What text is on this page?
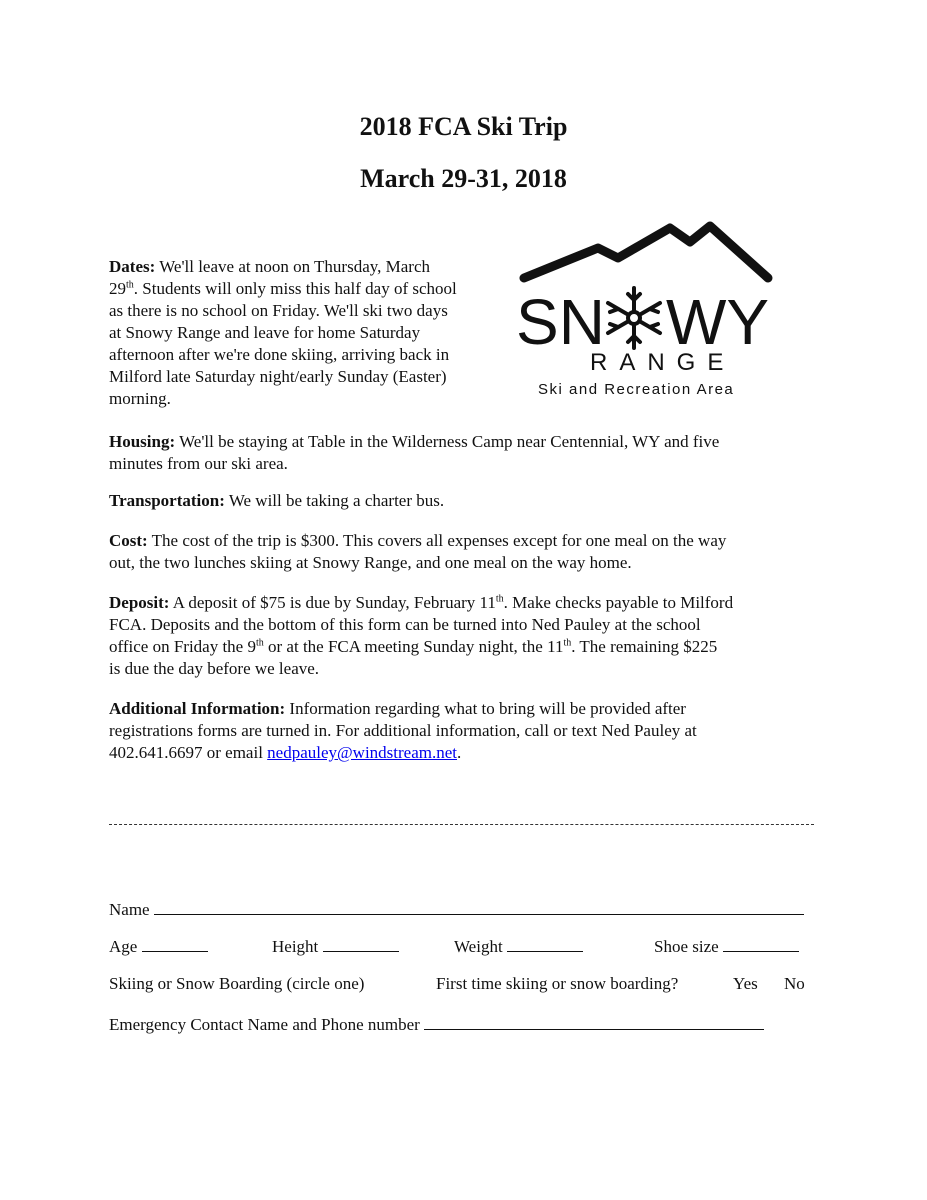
2018 FCA Ski Trip
March 29-31, 2018
SN WY
RANGE
Ski and Recreation Area
Dates: We'll leave at noon on Thursday, March
29th. Students will only miss this half day of school
as there is no school on Friday. We'll ski two days
at Snowy Range and leave for home Saturday
afternoon after we're done skiing, arriving back in
Milford late Saturday night/early Sunday (Easter)
morning.
Housing: We'll be staying at Table in the Wilderness Camp near Centennial, WY and five
minutes from our ski area.
Transportation: We will be taking a charter bus.
Cost: The cost of the trip is $300. This covers all expenses except for one meal on the way
out, the two lunches skiing at Snowy Range, and one meal on the way home.
Deposit: A deposit of $75 is due by Sunday, February 11th. Make checks payable to Milford
FCA. Deposits and the bottom of this form can be turned into Ned Pauley at the school
office on Friday the 9th or at the FCA meeting Sunday night, the 11th. The remaining $225
is due the day before we leave.
Additional Information: Information regarding what to bring will be provided after
registrations forms are turned in. For additional information, call or text Ned Pauley at
402.641.6697 or email nedpauley@windstream.net.
Name
Age	Height	Weight	Shoe size
Skiing or Snow Boarding (circle one)	First time skiing or snow boarding?	Yes No
Emergency Contact Name and Phone number
